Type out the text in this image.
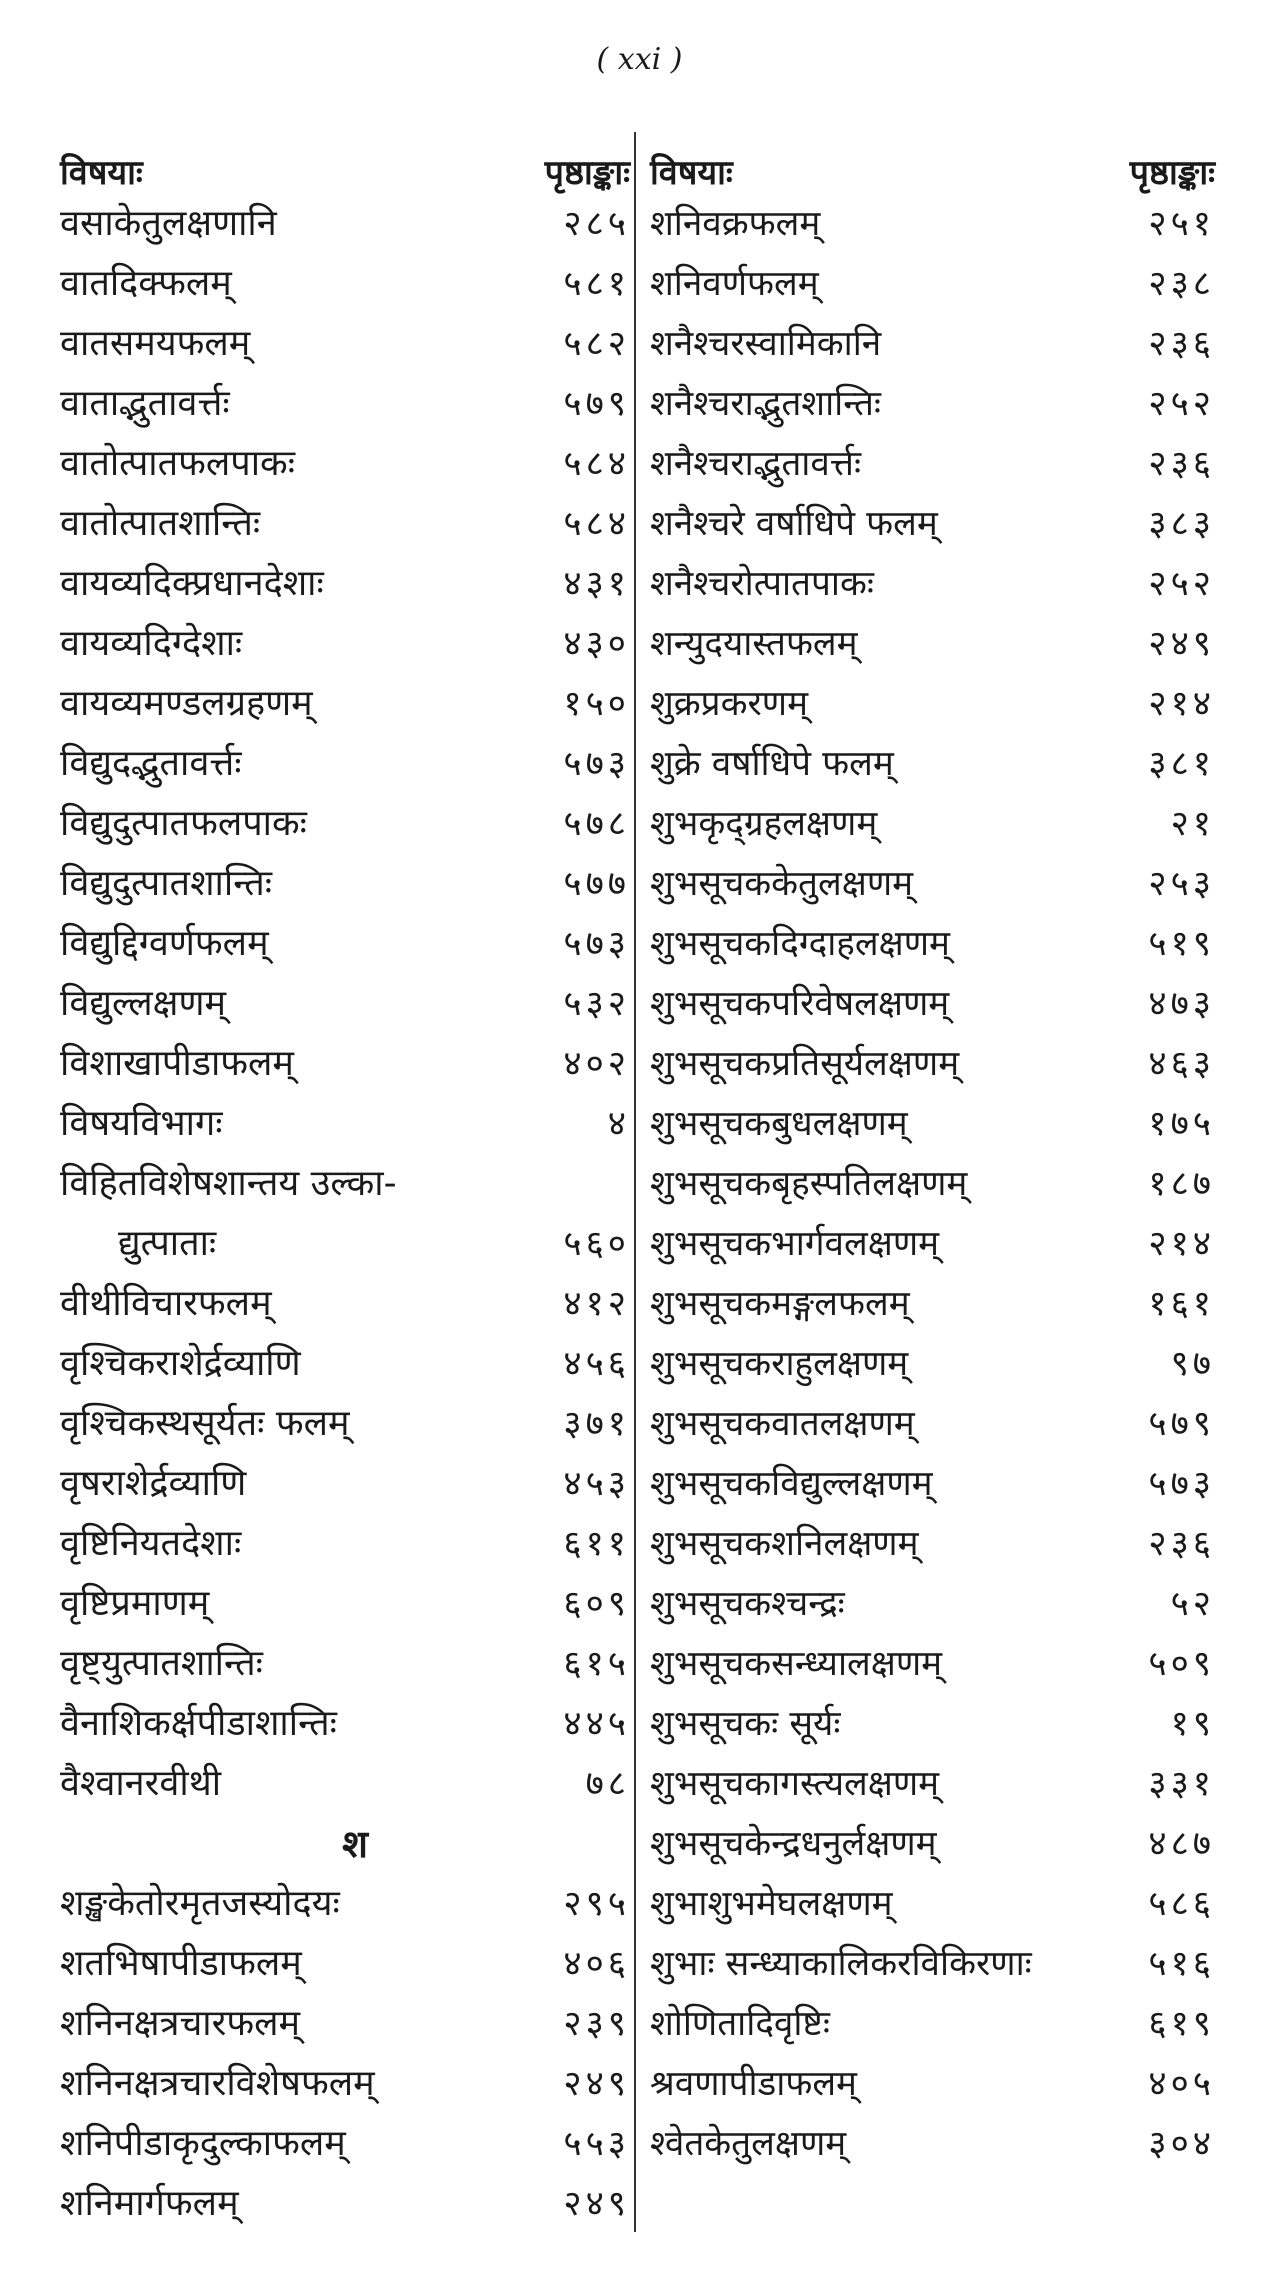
( xxi )
विषयाः	पृष्ठाङ्काः
वसाकेतुलक्षणानि	२८५
वातदिक्फलम्	५८१
वातसमयफलम्	५८२
वाताद्भुतावर्त्तः	५७९
वातोत्पातफलपाकः	५८४
वातोत्पातशान्तिः	५८४
वायव्यदिक्प्रधानदेशाः	४३१
वायव्यदिग्देशाः	४३०
वायव्यमण्डलग्रहणम्	१५०
विद्युदद्भुतावर्त्तः	५७३
विद्युदुत्पातफलपाकः	५७८
विद्युदुत्पातशान्तिः	५७७
विद्युद्दिग्वर्णफलम्	५७३
विद्युल्लक्षणम्	५३२
विशाखापीडाफलम्	४०२
विषयविभागः	४
विहितविशेषशान्तय उल्का-
द्युत्पाताः	५६०
वीथीविचारफलम्	४१२
वृश्चिकराशेर्द्रव्याणि	४५६
वृश्चिकस्थसूर्यतः फलम्	३७१
वृषराशेर्द्रव्याणि	४५३
वृष्टिनियतदेशाः	६११
वृष्टिप्रमाणम्	६०९
वृष्ट्युत्पातशान्तिः	६१५
वैनाशिकर्क्षपीडाशान्तिः	४४५
वैश्वानरवीथी	७८
श
शङ्खकेतोरमृतजस्योदयः	२९५
शतभिषापीडाफलम्	४०६
शनिनक्षत्रचारफलम्	२३९
शनिनक्षत्रचारविशेषफलम्	२४९
शनिपीडाकृदुल्काफलम्	५५३
शनिमार्गफलम्	२४९
विषयाः	पृष्ठाङ्काः
शनिवक्रफलम्	२५१
शनिवर्णफलम्	२३८
शनैश्चरस्वामिकानि	२३६
शनैश्चराद्भुतशान्तिः	२५२
शनैश्चराद्भुतावर्त्तः	२३६
शनैश्चरे वर्षाधिपे फलम्	३८३
शनैश्चरोत्पातपाकः	२५२
शन्युदयास्तफलम्	२४९
शुक्रप्रकरणम्	२१४
शुक्रे वर्षाधिपे फलम्	३८१
शुभकृद्ग्रहलक्षणम्	२१
शुभसूचककेतुलक्षणम्	२५३
शुभसूचकदिग्दाहलक्षणम्	५१९
शुभसूचकपरिवेषलक्षणम्	४७३
शुभसूचकप्रतिसूर्यलक्षणम्	४६३
शुभसूचकबुधलक्षणम्	१७५
शुभसूचकबृहस्पतिलक्षणम्	१८७
शुभसूचकभार्गवलक्षणम्	२१४
शुभसूचकमङ्गलफलम्	१६१
शुभसूचकराहुलक्षणम्	९७
शुभसूचकवातलक्षणम्	५७९
शुभसूचकविद्युल्लक्षणम्	५७३
शुभसूचकशनिलक्षणम्	२३६
शुभसूचकश्चन्द्रः	५२
शुभसूचकसन्ध्यालक्षणम्	५०९
शुभसूचकः सूर्यः	१९
शुभसूचकागस्त्यलक्षणम्	३३१
शुभसूचकेन्द्रधनुर्लक्षणम्	४८७
शुभाशुभमेघलक्षणम्	५८६
शुभाः सन्ध्याकालिकरविकिरणाः	५१६
शोणितादिवृष्टिः	६१९
श्रवणापीडाफलम्	४०५
श्वेतकेतुलक्षणम्	३०४
